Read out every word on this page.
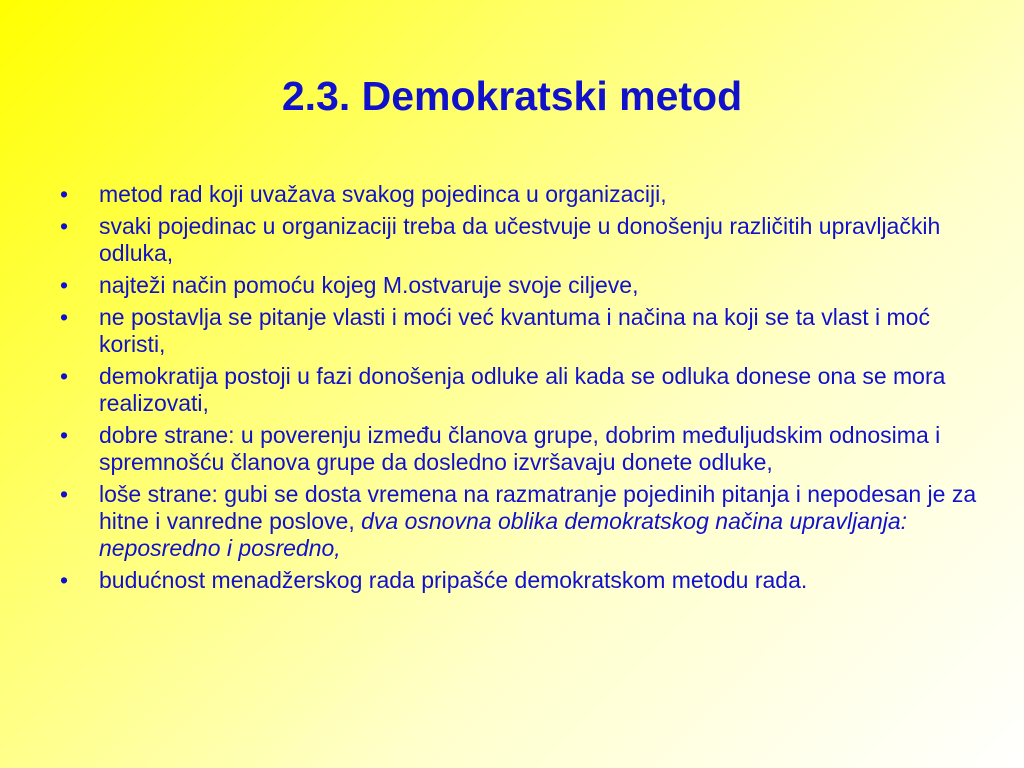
2.3. Demokratski metod
• metod rad koji uvažava svakog pojedinca u organizaciji,
• svaki pojedinac u organizaciji treba da učestvuje u donošenju različitih upravljačkih odluka,
• najteži način pomoću kojeg M.ostvaruje svoje ciljeve,
• ne postavlja se pitanje vlasti i moći već kvantuma i načina na koji se ta vlast i moć koristi,
• demokratija postoji u fazi donošenja odluke ali kada se odluka donese ona se mora realizovati,
• dobre strane: u poverenju između članova grupe, dobrim međuljudskim odnosima i spremnošću članova grupe da dosledno izvršavaju donete odluke,
• loše strane: gubi se dosta vremena na razmatranje pojedinih pitanja i nepodesan je za hitne i vanredne poslove, dva osnovna oblika demokratskog načina upravljanja: neposredno i posredno,
• budućnost menadžerskog rada pripašće demokratskom metodu rada.
